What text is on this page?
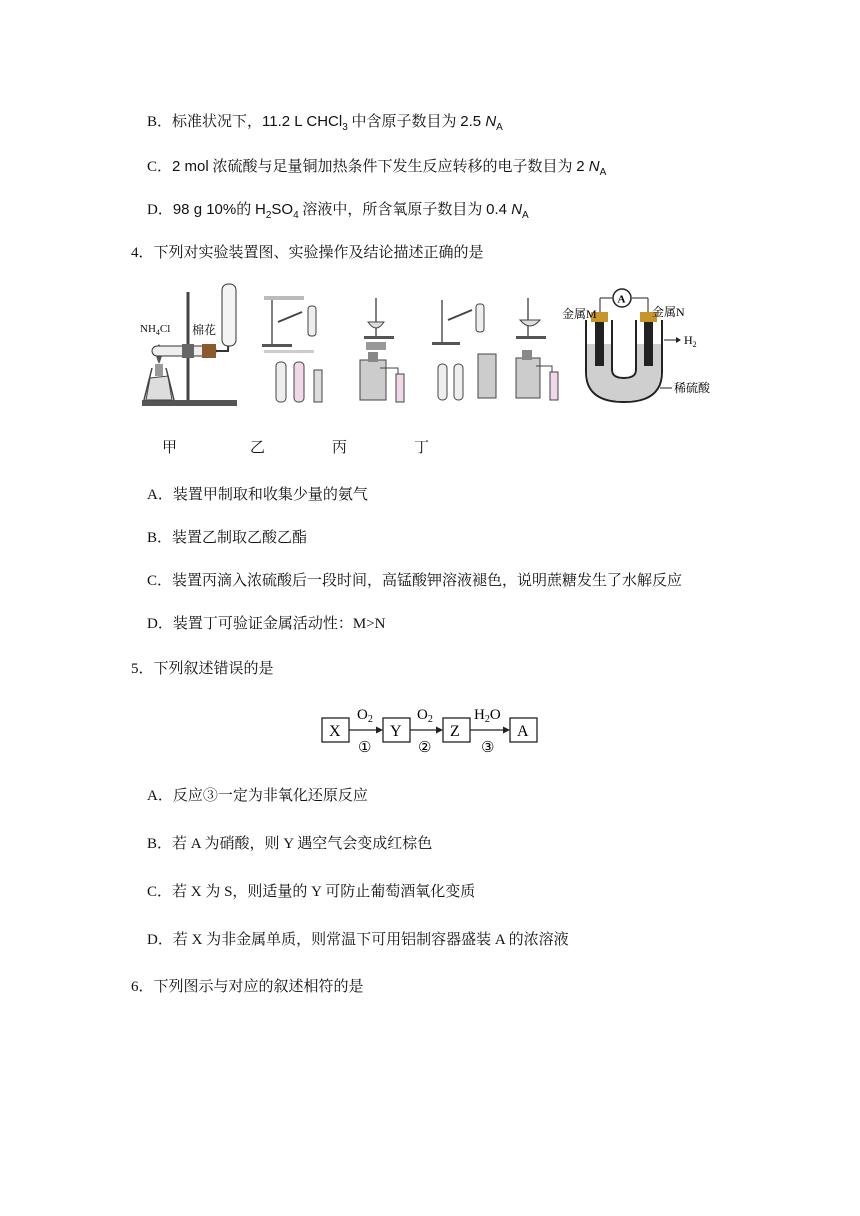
B．标准状况下，11.2 L CHCl$_3$ 中含原子数目为 2.5 $N_A$
C．2 mol 浓硫酸与足量铜加热条件下发生反应转移的电子数目为 2 $N_A$
D．98 g 10%的 $H_2SO_4$ 溶液中，所含氧原子数目为 0.4 $N_A$
4．下列对实验装置图、实验操作及结论描述正确的是
$NH_4Cl$ 棉花
A
金属M	金属N
$H_2$
稀硫酸
甲	乙	丙	丁
A．装置甲制取和收集少量的氨气
B．装置乙制取乙酸乙酯
C．装置丙滴入浓硫酸后一段时间，高锰酸钾溶液褪色，说明蔗糖发生了水解反应
D．装置丁可验证金属活动性：M>N
5．下列叙述错误的是
X	Y	Z	A
$O_2$	$O_2$	$H_2O$
①	②	③
A．反应③一定为非氧化还原反应
B．若 A 为硝酸，则 Y 遇空气会变成红棕色
C．若 X 为 S，则适量的 Y 可防止葡萄酒氧化变质
D．若 X 为非金属单质，则常温下可用铝制容器盛装 A 的浓溶液
6．下列图示与对应的叙述相符的是
